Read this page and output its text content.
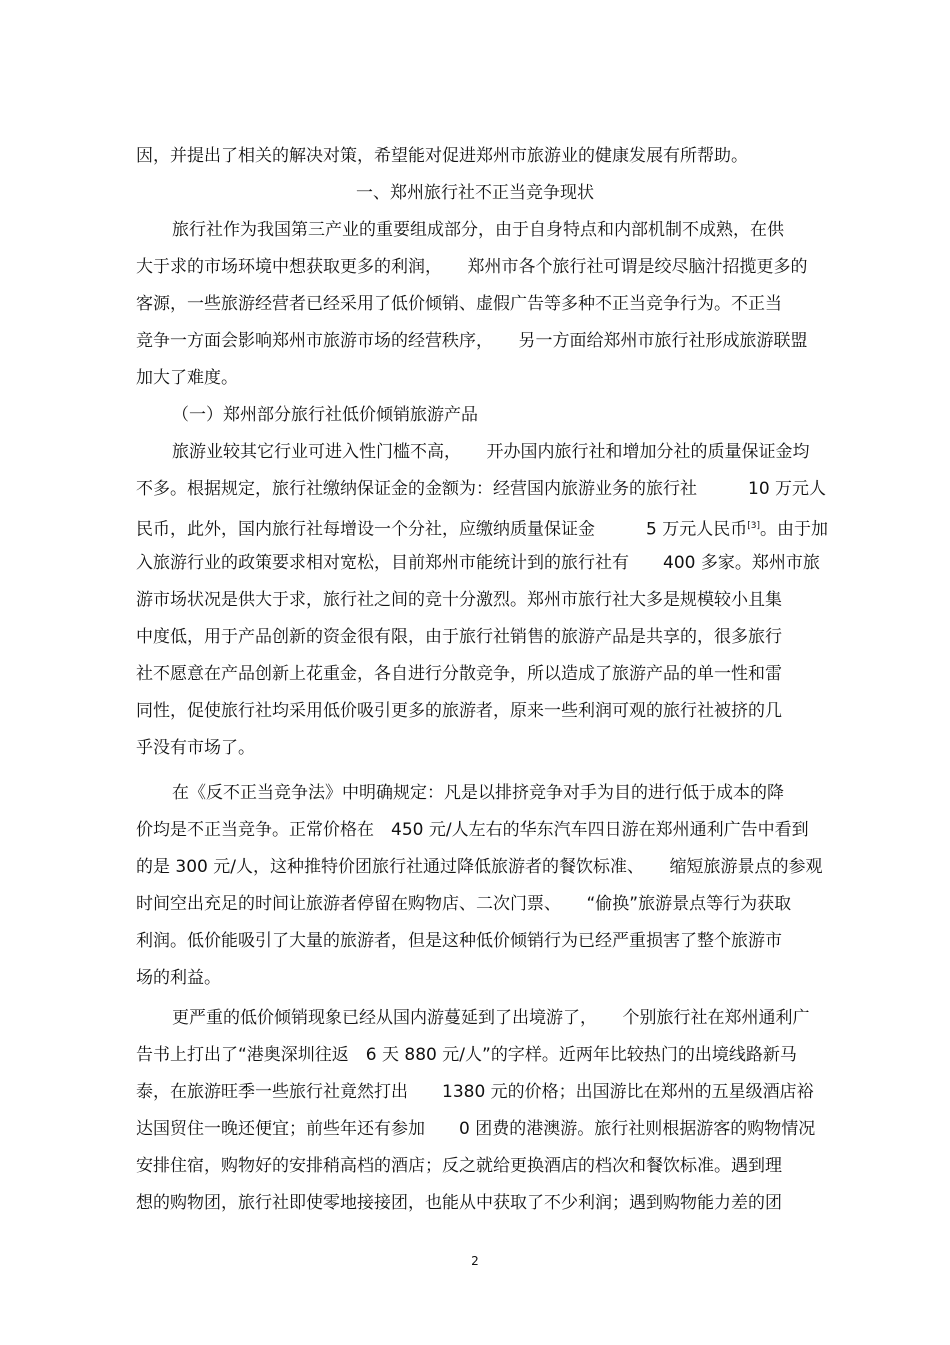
因，并提出了相关的解决对策，希望能对促进郑州市旅游业的健康发展有所帮助。
一、郑州旅行社不正当竞争现状
旅行社作为我国第三产业的重要组成部分，由于自身特点和内部机制不成熟，在供
大于求的市场环境中想获取更多的利润，　　郑州市各个旅行社可谓是绞尽脑汁招揽更多的
客源，一些旅游经营者已经采用了低价倾销、虚假广告等多种不正当竞争行为。不正当
竞争一方面会影响郑州市旅游市场的经营秩序，　　另一方面给郑州市旅行社形成旅游联盟
加大了难度。
（一）郑州部分旅行社低价倾销旅游产品
旅游业较其它行业可进入性门槛不高，　　开办国内旅行社和增加分社的质量保证金均
不多。根据规定，旅行社缴纳保证金的金额为：经营国内旅游业务的旅行社　　　10 万元人
民币，此外，国内旅行社每增设一个分社，应缴纳质量保证金　　　5 万元人民币[3]。由于加
入旅游行业的政策要求相对宽松，目前郑州市能统计到的旅行社有　　400 多家。郑州市旅
游市场状况是供大于求，旅行社之间的竞十分激烈。郑州市旅行社大多是规模较小且集
中度低，用于产品创新的资金很有限，由于旅行社销售的旅游产品是共享的，很多旅行
社不愿意在产品创新上花重金，各自进行分散竞争，所以造成了旅游产品的单一性和雷
同性，促使旅行社均采用低价吸引更多的旅游者，原来一些利润可观的旅行社被挤的几
乎没有市场了。
在《反不正当竞争法》中明确规定：凡是以排挤竞争对手为目的进行低于成本的降
价均是不正当竞争。正常价格在　450 元/人左右的华东汽车四日游在郑州通利广告中看到
的是 300 元/人，这种推特价团旅行社通过降低旅游者的餐饮标准、　　缩短旅游景点的参观
时间空出充足的时间让旅游者停留在购物店、二次门票、　　“偷换”旅游景点等行为获取
利润。低价能吸引了大量的旅游者，但是这种低价倾销行为已经严重损害了整个旅游市
场的利益。
更严重的低价倾销现象已经从国内游蔓延到了出境游了，　　个别旅行社在郑州通利广
告书上打出了“港奥深圳往返　6 天 880 元/人”的字样。近两年比较热门的出境线路新马
泰，在旅游旺季一些旅行社竟然打出　　1380 元的价格；出国游比在郑州的五星级酒店裕
达国贸住一晚还便宜；前些年还有参加　　0 团费的港澳游。旅行社则根据游客的购物情况
安排住宿，购物好的安排稍高档的酒店；反之就给更换酒店的档次和餐饮标准。遇到理
想的购物团，旅行社即使零地接接团，也能从中获取了不少利润；遇到购物能力差的团
2
